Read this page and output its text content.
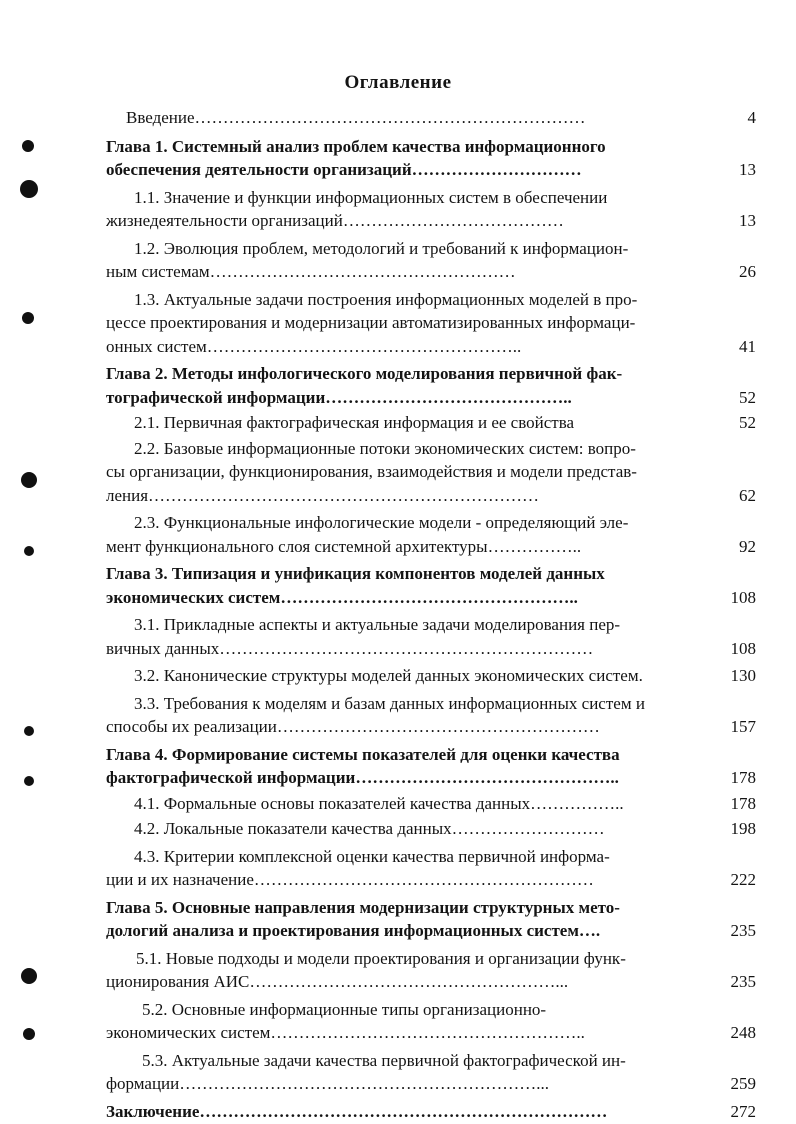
Оглавление
Введение……………………………………………………………	4
Глава 1. Системный анализ проблем качества информационного
обеспечения деятельности организаций…………………………	13
1.1. Значение и функции информационных систем в обеспечении
жизнедеятельности организаций…………………………………	13
1.2. Эволюция проблем, методологий и требований к информацион-
ным системам………………………………………………	26
1.3. Актуальные задачи построения информационных моделей в про-
цессе проектирования и модернизации автоматизированных информаци-
онных систем………………………………………………..	41
Глава 2. Методы инфологического моделирования первичной фак-
тографической информации……………………………………..	52
2.1. Первичная фактографическая информация и ее свойства	52
2.2. Базовые информационные потоки экономических систем: вопро-
сы организации, функционирования, взаимодействия и модели представ-
ления……………………………………………………………	62
2.3. Функциональные инфологические модели - определяющий эле-
мент функционального слоя системной архитектуры……………..	92
Глава 3. Типизация и унификация компонентов моделей данных
экономических систем……………………………………………..	108
3.1. Прикладные аспекты и актуальные задачи моделирования пер-
вичных данных…………………………………………………………	108
3.2. Канонические структуры моделей данных экономических систем.	130
3.3. Требования к моделям и базам данных информационных систем и
способы их реализации…………………………………………………	157
Глава 4. Формирование системы показателей для оценки качества
фактографической информации………………………………………..	178
4.1. Формальные основы показателей качества данных……………..	178
4.2. Локальные показатели качества данных………………………	198
4.3. Критерии комплексной оценки качества первичной информа-
ции и их назначение……………………………………………………	222
Глава 5. Основные направления модернизации структурных мето-
дологий анализа и проектирования информационных систем….	235
5.1. Новые подходы и модели проектирования и организации функ-
ционирования АИС………………………………………………...	235
5.2. Основные информационные типы организационно-
экономических систем………………………………………………..	248
5.3. Актуальные задачи качества первичной фактографической ин-
формации………………………………………………………...	259
Заключение………………………………………………………………	272
